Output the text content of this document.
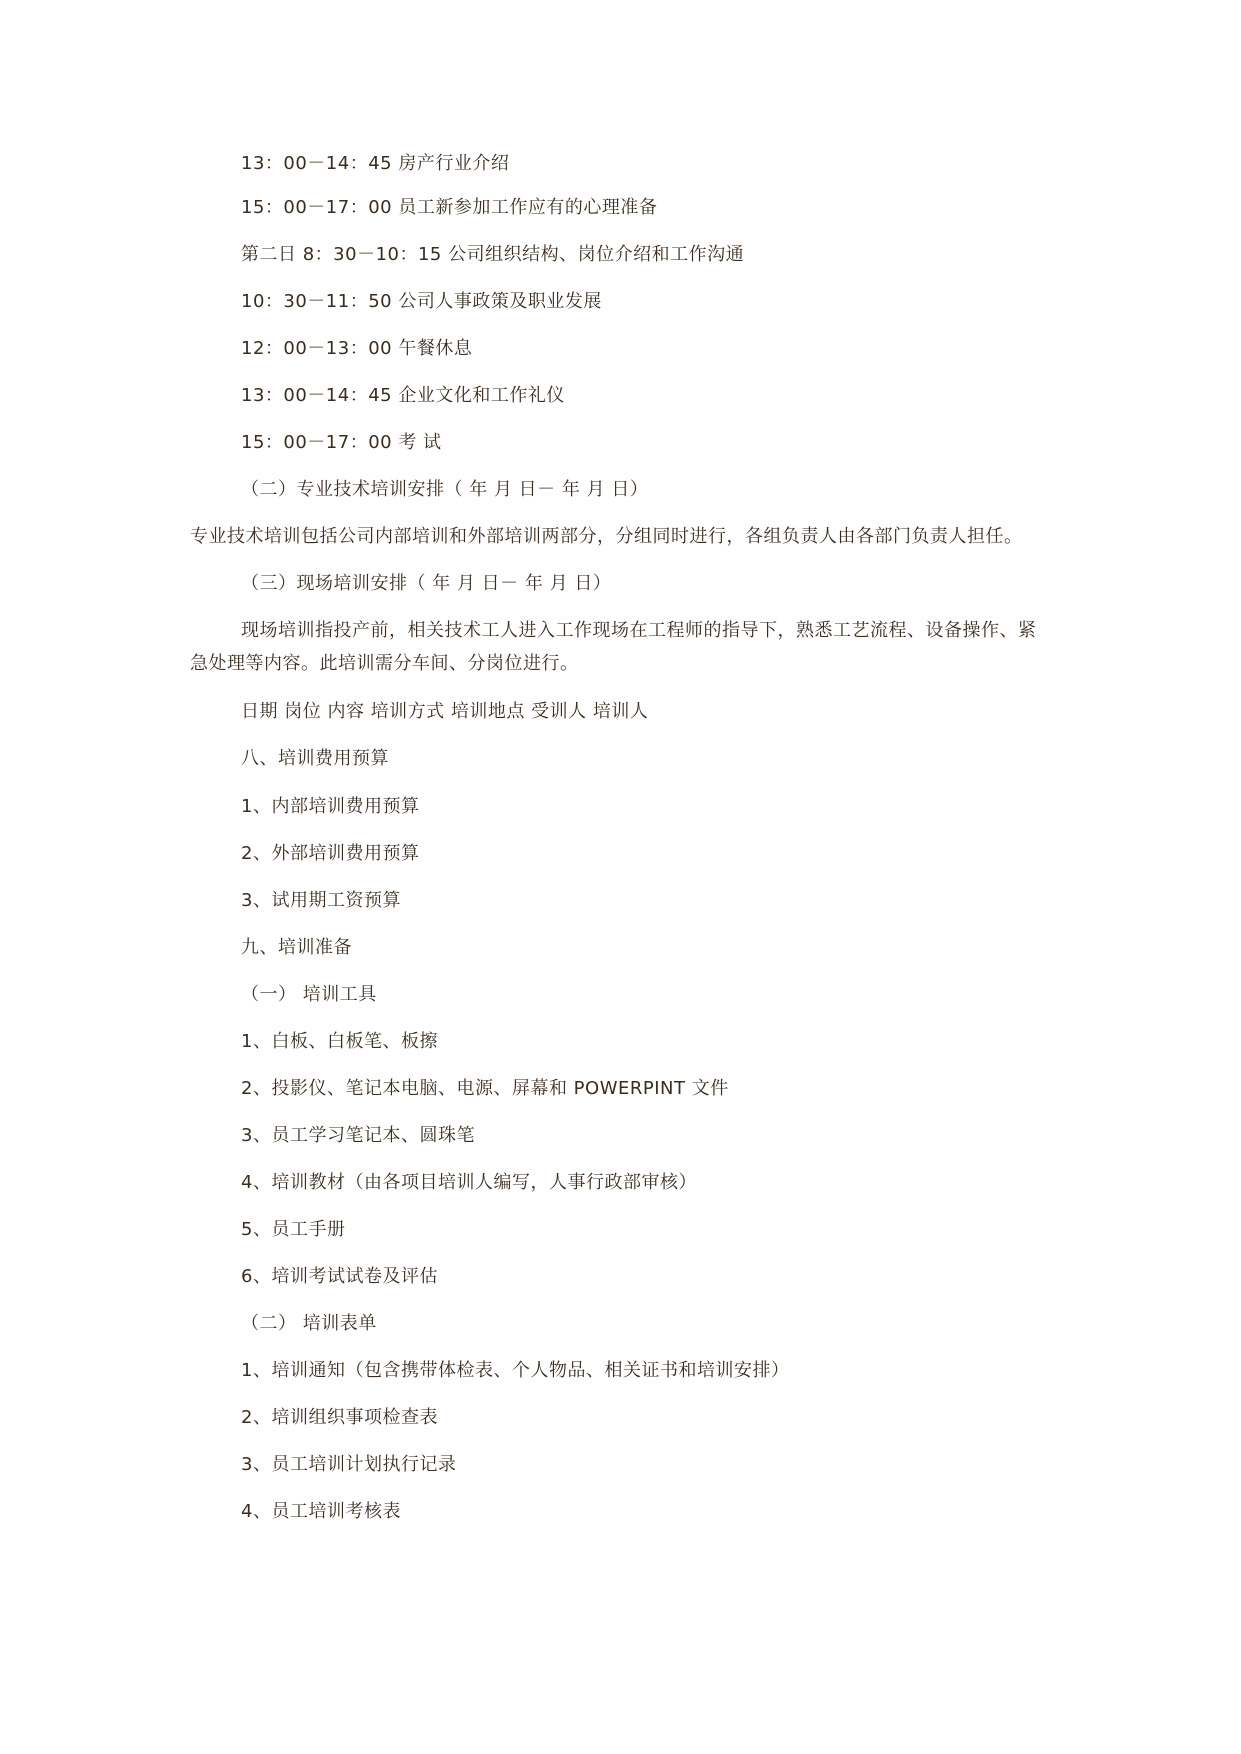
13：00－14：45 房产行业介绍

15：00－17：00 员工新参加工作应有的心理准备

第二日 8：30－10：15 公司组织结构、岗位介绍和工作沟通

10：30－11：50 公司人事政策及职业发展

12：00－13：00 午餐休息

13：00－14：45 企业文化和工作礼仪

15：00－17：00 考 试

（二）专业技术培训安排（ 年 月 日－ 年 月 日）

专业技术培训包括公司内部培训和外部培训两部分，分组同时进行，各组负责人由各部门负责人担任。

（三）现场培训安排（ 年 月 日－ 年 月 日）

现场培训指投产前，相关技术工人进入工作现场在工程师的指导下，熟悉工艺流程、设备操作、紧急处理等内容。此培训需分车间、分岗位进行。

日期 岗位 内容 培训方式 培训地点 受训人 培训人

八、培训费用预算

1、内部培训费用预算

2、外部培训费用预算

3、试用期工资预算

九、培训准备

（一） 培训工具

1、白板、白板笔、板擦

2、投影仪、笔记本电脑、电源、屏幕和 POWERPINT 文件

3、员工学习笔记本、圆珠笔

4、培训教材（由各项目培训人编写，人事行政部审核）

5、员工手册

6、培训考试试卷及评估

（二） 培训表单

1、培训通知（包含携带体检表、个人物品、相关证书和培训安排）

2、培训组织事项检查表

3、员工培训计划执行记录

4、员工培训考核表
